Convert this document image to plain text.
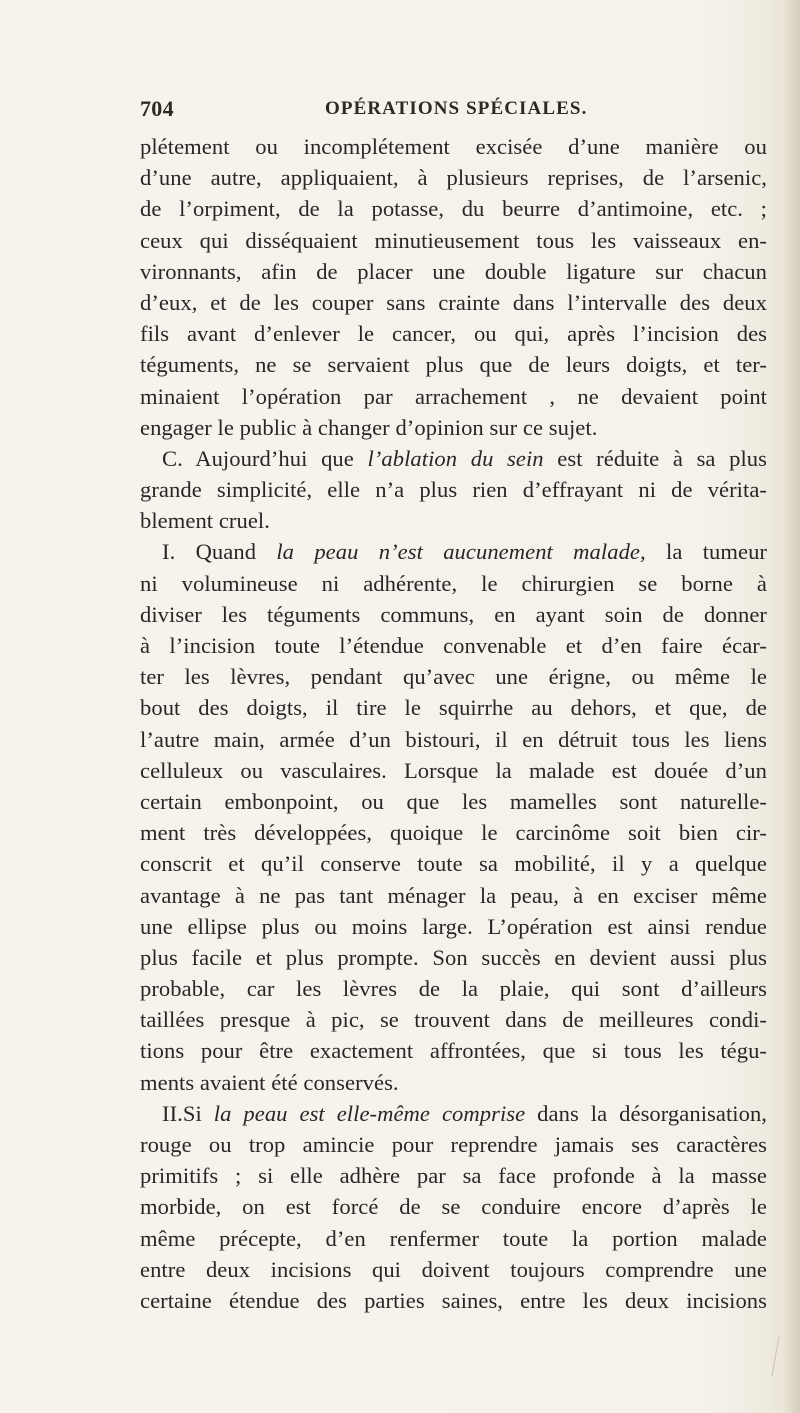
704	OPÉRATIONS SPÉCIALES.
plétement ou incomplétement excisée d’une manière ou
d’une autre, appliquaient, à plusieurs reprises, de l’arsenic,
de l’orpiment, de la potasse, du beurre d’antimoine, etc. ;
ceux qui disséquaient minutieusement tous les vaisseaux en-
vironnants, afin de placer une double ligature sur chacun
d’eux, et de les couper sans crainte dans l’intervalle des deux
fils avant d’enlever le cancer, ou qui, après l’incision des
téguments, ne se servaient plus que de leurs doigts, et ter-
minaient l’opération par arrachement , ne devaient point
engager le public à changer d’opinion sur ce sujet.
C. Aujourd’hui que l’ablation du sein est réduite à sa plus
grande simplicité, elle n’a plus rien d’effrayant ni de vérita-
blement cruel.
I. Quand la peau n’est aucunement malade, la tumeur
ni volumineuse ni adhérente, le chirurgien se borne à
diviser les téguments communs, en ayant soin de donner
à l’incision toute l’étendue convenable et d’en faire écar-
ter les lèvres, pendant qu’avec une érigne, ou même le
bout des doigts, il tire le squirrhe au dehors, et que, de
l’autre main, armée d’un bistouri, il en détruit tous les liens
celluleux ou vasculaires. Lorsque la malade est douée d’un
certain embonpoint, ou que les mamelles sont naturelle-
ment très développées, quoique le carcinôme soit bien cir-
conscrit et qu’il conserve toute sa mobilité, il y a quelque
avantage à ne pas tant ménager la peau, à en exciser même
une ellipse plus ou moins large. L’opération est ainsi rendue
plus facile et plus prompte. Son succès en devient aussi plus
probable, car les lèvres de la plaie, qui sont d’ailleurs
taillées presque à pic, se trouvent dans de meilleures condi-
tions pour être exactement affrontées, que si tous les tégu-
ments avaient été conservés.
II.Si la peau est elle-même comprise dans la désorganisation,
rouge ou trop amincie pour reprendre jamais ses caractères
primitifs ; si elle adhère par sa face profonde à la masse
morbide, on est forcé de se conduire encore d’après le
même précepte, d’en renfermer toute la portion malade
entre deux incisions qui doivent toujours comprendre une
certaine étendue des parties saines, entre les deux incisions
